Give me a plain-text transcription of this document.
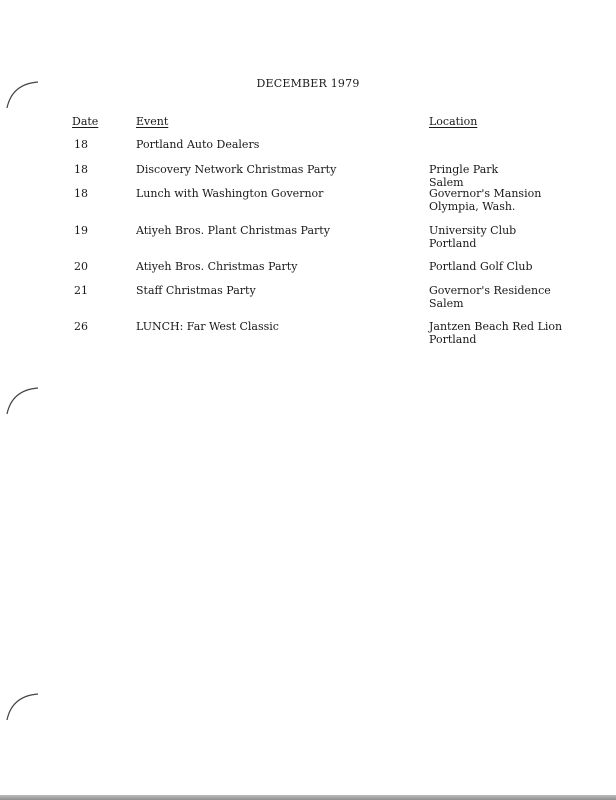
DECEMBER 1979
Date	Event	Location
18	Portland Auto Dealers
18	Discovery Network Christmas Party	Pringle Park
Salem
18	Lunch with Washington Governor	Governor's Mansion
Olympia, Wash.
19	Atiyeh Bros. Plant Christmas Party	University Club
Portland
20	Atiyeh Bros. Christmas Party	Portland Golf Club
21	Staff Christmas Party	Governor's Residence
Salem
26	LUNCH: Far West Classic	Jantzen Beach Red Lion
Portland
